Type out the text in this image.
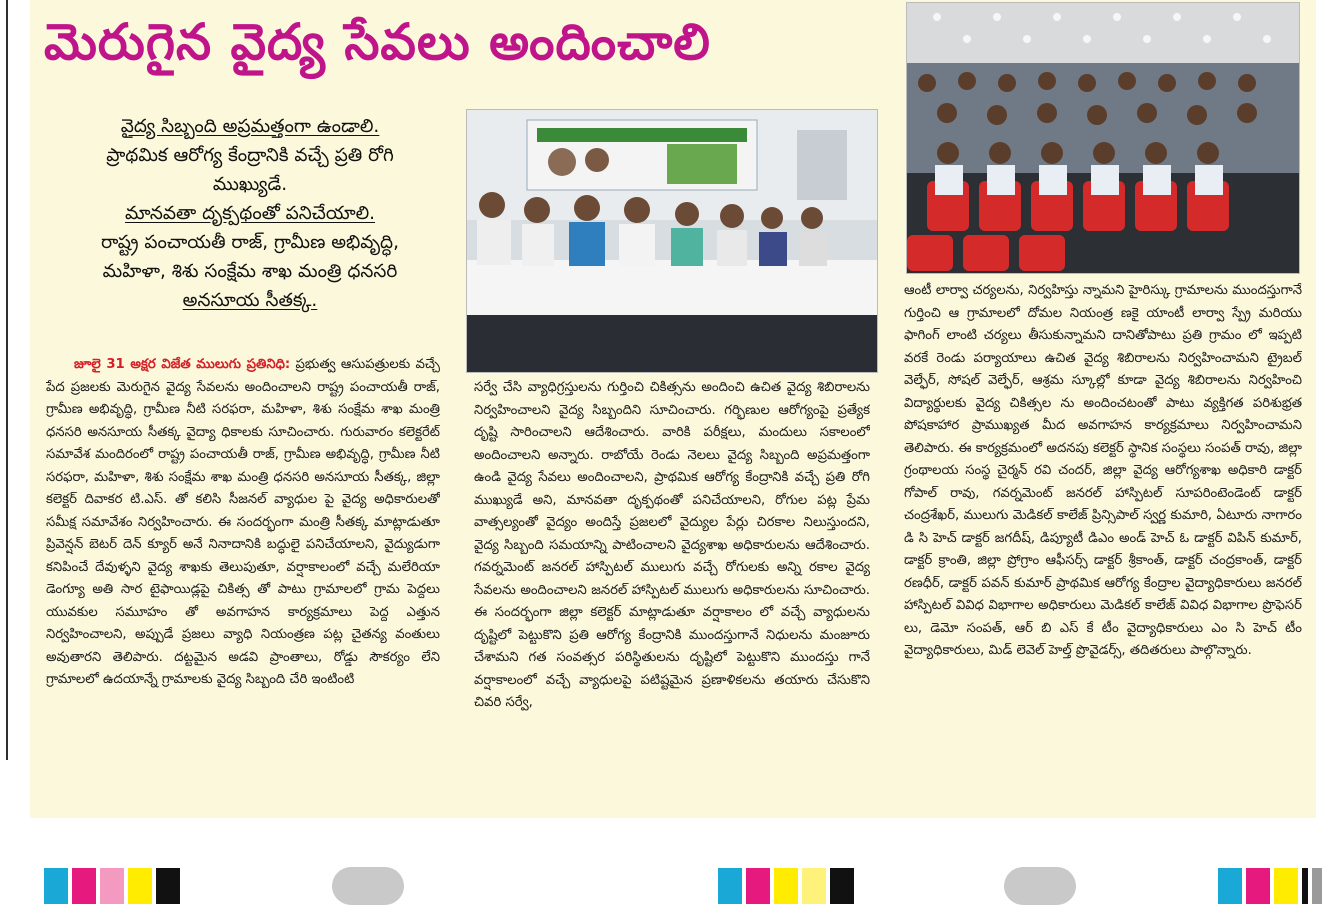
మెరుగైన వైద్య సేవలు అందించాలి
వైద్య సిబ్బంది అప్రమత్తంగా ఉండాలి.
ప్రాథమిక ఆరోగ్య కేంద్రానికి వచ్చే ప్రతి రోగి
ముఖ్యుడే.
మానవతా దృక్పథంతో పనిచేయాలి.
రాష్ట్ర పంచాయతీ రాజ్, గ్రామీణ అభివృద్ధి,
మహిళా, శిశు సంక్షేమ శాఖ మంత్రి ధనసరి
అనసూయ సీతక్క.
జూలై 31 అక్షర విజేత ములుగు ప్రతినిధి: ప్రభుత్వ ఆసుపత్రులకు వచ్చే పేద ప్రజలకు మెరుగైన వైద్య సేవలను అందించాలని రాష్ట్ర పంచాయతీ రాజ్, గ్రామీణ అభివృద్ధి, గ్రామీణ నీటి సరఫరా, మహిళా, శిశు సంక్షేమ శాఖ మంత్రి ధనసరి అనసూయ సీతక్క వైద్యా ధికాలకు సూచించారు. గురువారం కలెక్టరేట్ సమావేశ మందిరంలో రాష్ట్ర పంచాయతీ రాజ్, గ్రామీణ అభివృద్ధి, గ్రామీణ నీటి సరఫరా, మహిళా, శిశు సంక్షేమ శాఖ మంత్రి ధనసరి అనసూయ సీతక్క, జిల్లా కలెక్టర్ దివాకర టి.ఎస్. తో కలిసి సీజనల్ వ్యాధుల పై వైద్య అధికారులతో సమీక్ష సమావేశం నిర్వహించారు. ఈ సందర్భంగా మంత్రి సీతక్క మాట్లాడుతూ ప్రివెన్షన్ బెటర్ దెన్ క్యూర్ అనే నినాదానికి బద్ధులై పనిచేయాలని, వైద్యుడుగా కనిపించే దేవుళ్ళని వైద్య శాఖకు తెలుపుతూ, వర్షాకాలంలో వచ్చే మలేరియా డెంగ్యూ అతి సార టైఫాయిడ్లపై చికిత్స తో పాటు గ్రామాలలో గ్రామ పెద్దలు యువకుల సమూహం తో అవగాహన కార్యక్రమాలు పెద్ద ఎత్తున నిర్వహించాలని, అప్పుడే ప్రజలు వ్యాధి నియంత్రణ పట్ల చైతన్య వంతులు అవుతారని తెలిపారు. దట్టమైన అడవి ప్రాంతాలు, రోడ్డు సౌకర్యం లేని గ్రామాలలో ఉదయాన్నే గ్రామాలకు వైద్య సిబ్బంది చేరి ఇంటింటి
సర్వే చేసి వ్యాధిగ్రస్తులను గుర్తించి చికిత్సను అందించి ఉచిత వైద్య శిబిరాలను నిర్వహించాలని వైద్య సిబ్బందిని సూచించారు. గర్భిణుల ఆరోగ్యంపై ప్రత్యేక దృష్టి సారించాలని ఆదేశించారు. వారికి పరీక్షలు, మందులు సకాలంలో అందించాలని అన్నారు. రాబోయే రెండు నెలలు వైద్య సిబ్బంది అప్రమత్తంగా ఉండి వైద్య సేవలు అందించాలని, ప్రాథమిక ఆరోగ్య కేంద్రానికి వచ్చే ప్రతి రోగి ముఖ్యుడే అని, మానవతా దృక్పథంతో పనిచేయాలని, రోగుల పట్ల ప్రేమ వాత్సల్యంతో వైద్యం అందిస్తే ప్రజలలో వైద్యుల పేర్లు చిరకాల నిలుస్తుందని, వైద్య సిబ్బంది సమయాన్ని పాటించాలని వైద్యశాఖ అధికారులను ఆదేశించారు. గవర్నమెంట్ జనరల్ హాస్పిటల్ ములుగు వచ్చే రోగులకు అన్ని రకాల వైద్య సేవలను అందించాలని జనరల్ హాస్పిటల్ ములుగు అధికారులను సూచించారు. ఈ సందర్భంగా జిల్లా కలెక్టర్ మాట్లాడుతూ వర్షాకాలం లో వచ్చే వ్యాధులను దృష్టిలో పెట్టుకొని ప్రతి ఆరోగ్య కేంద్రానికి ముందస్తుగానే నిధులను మంజూరు చేశామని గత సంవత్సర పరిస్థితులను దృష్టిలో పెట్టుకొని ముందస్తు గానే వర్షాకాలంలో వచ్చే వ్యాధులపై పటిష్టమైన ప్రణాళికలను తయారు చేసుకొని చివరి సర్వే,
ఆంటీ లార్వా చర్యలను, నిర్వహిస్తు న్నామని హైరిస్కు గ్రామాలను ముందస్తుగానే గుర్తించి ఆ గ్రామాలలో దోమల నియంత్ర ణకై యాంటీ లార్వా స్ప్రే మరియు ఫాగింగ్ లాంటి చర్యలు తీసుకున్నామని దానితోపాటు ప్రతి గ్రామం లో ఇప్పటి వరకే రెండు పర్యాయాలు ఉచిత వైద్య శిబిరాలను నిర్వహించామని ట్రైబల్ వెల్ఫేర్, సోషల్ వెల్ఫేర్, ఆశ్రమ స్కూల్లో కూడా వైద్య శిబిరాలను నిర్వహించి విద్యార్థులకు వైద్య చికిత్సల ను అందించటంతో పాటు వ్యక్తిగత పరిశుభ్రత పోషకాహార ప్రాముఖ్యత మీద అవగాహన కార్యక్రమాలు నిర్వహించామని తెలిపారు. ఈ కార్యక్రమంలో అదనపు కలెక్టర్ స్థానిక సంస్థలు సంపత్ రావు, జిల్లా గ్రంథాలయ సంస్థ చైర్మన్ రవి చందర్, జిల్లా వైద్య ఆరోగ్యశాఖ అధికారి డాక్టర్ గోపాల్ రావు, గవర్నమెంట్ జనరల్ హాస్పిటల్ సూపరింటెండెంట్ డాక్టర్ చంద్రశేఖర్, ములుగు మెడికల్ కాలేజ్ ప్రిన్సిపాల్ స్వర్ణ కుమారి, ఏటూరు నాగారం డి సి హెచ్ డాక్టర్ జగదీష్, డిప్యూటీ డిఎం అండ్ హెచ్ ఓ డాక్టర్ విపిన్ కుమార్, డాక్టర్ క్రాంతి, జిల్లా ప్రోగ్రాం ఆఫీసర్స్ డాక్టర్ శ్రీకాంత్, డాక్టర్ చంద్రకాంత్, డాక్టర్ రణధీర్, డాక్టర్ పవన్ కుమార్ ప్రాథమిక ఆరోగ్య కేంద్రాల వైద్యాధికారులు జనరల్ హాస్పిటల్ వివిధ విభాగాల అధికారులు మెడికల్ కాలేజ్ వివిధ విభాగాల ప్రొఫెసర్ లు, డెమో సంపత్, ఆర్ బి ఎస్ కే టీం వైద్యాధికారులు ఎం సి హెచ్ టీం వైద్యాధికారులు, మిడ్ లెవెల్ హెల్త్ ప్రొవైడర్స్, తదితరులు పాల్గొన్నారు.
